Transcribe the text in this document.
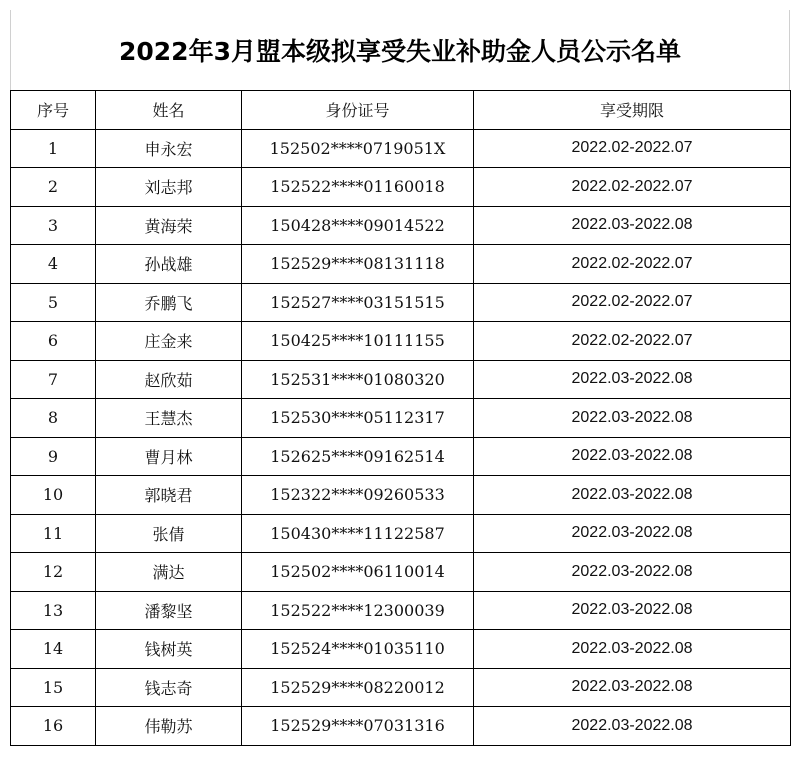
2022年3月盟本级拟享受失业补助金人员公示名单
序号	姓名	身份证号	享受期限
1	申永宏	152502****0719051X	2022.02-2022.07
2	刘志邦	152522****01160018	2022.02-2022.07
3	黄海荣	150428****09014522	2022.03-2022.08
4	孙战雄	152529****08131118	2022.02-2022.07
5	乔鹏飞	152527****03151515	2022.02-2022.07
6	庄金来	150425****10111155	2022.02-2022.07
7	赵欣茹	152531****01080320	2022.03-2022.08
8	王慧杰	152530****05112317	2022.03-2022.08
9	曹月林	152625****09162514	2022.03-2022.08
10	郭晓君	152322****09260533	2022.03-2022.08
11	张倩	150430****11122587	2022.03-2022.08
12	满达	152502****06110014	2022.03-2022.08
13	潘黎坚	152522****12300039	2022.03-2022.08
14	钱树英	152524****01035110	2022.03-2022.08
15	钱志奇	152529****08220012	2022.03-2022.08
16	伟勒苏	152529****07031316	2022.03-2022.08
